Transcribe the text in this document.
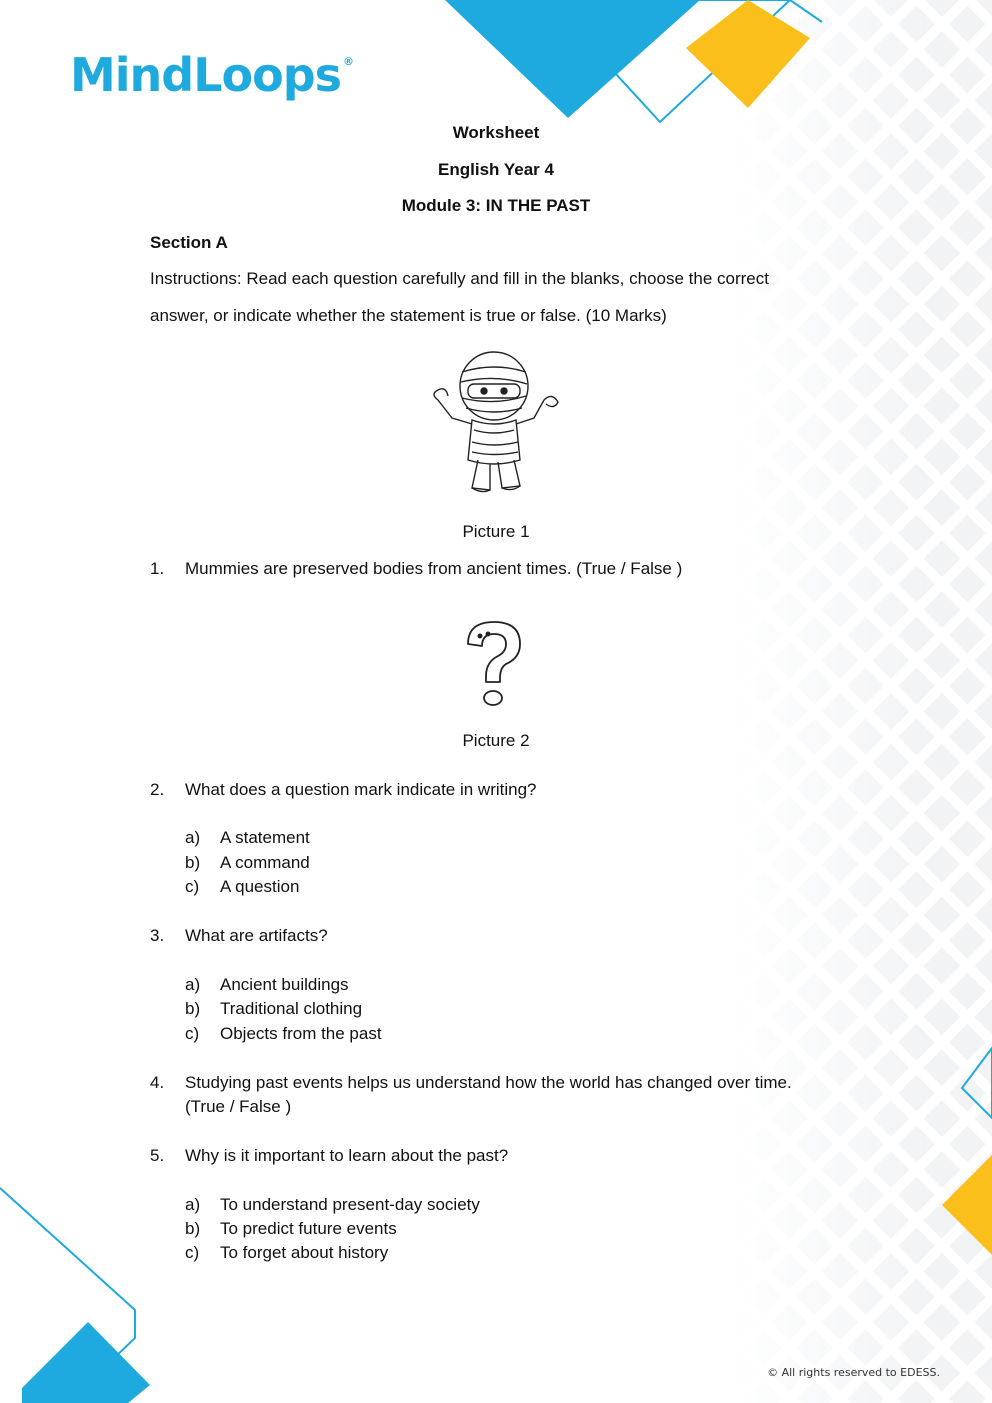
MindLoops ®
Worksheet
English Year 4
Module 3: IN THE PAST
Section A
Instructions: Read each question carefully and fill in the blanks, choose the correct
answer, or indicate whether the statement is true or false. (10 Marks)
Picture 1
1. Mummies are preserved bodies from ancient times. (True / False )
Picture 2
2. What does a question mark indicate in writing?
a) A statement
b) A command
c) A question
3. What are artifacts?
a) Ancient buildings
b) Traditional clothing
c) Objects from the past
4. Studying past events helps us understand how the world has changed over time.
(True / False )
5. Why is it important to learn about the past?
a) To understand present-day society
b) To predict future events
c) To forget about history
© All rights reserved to EDESS.
